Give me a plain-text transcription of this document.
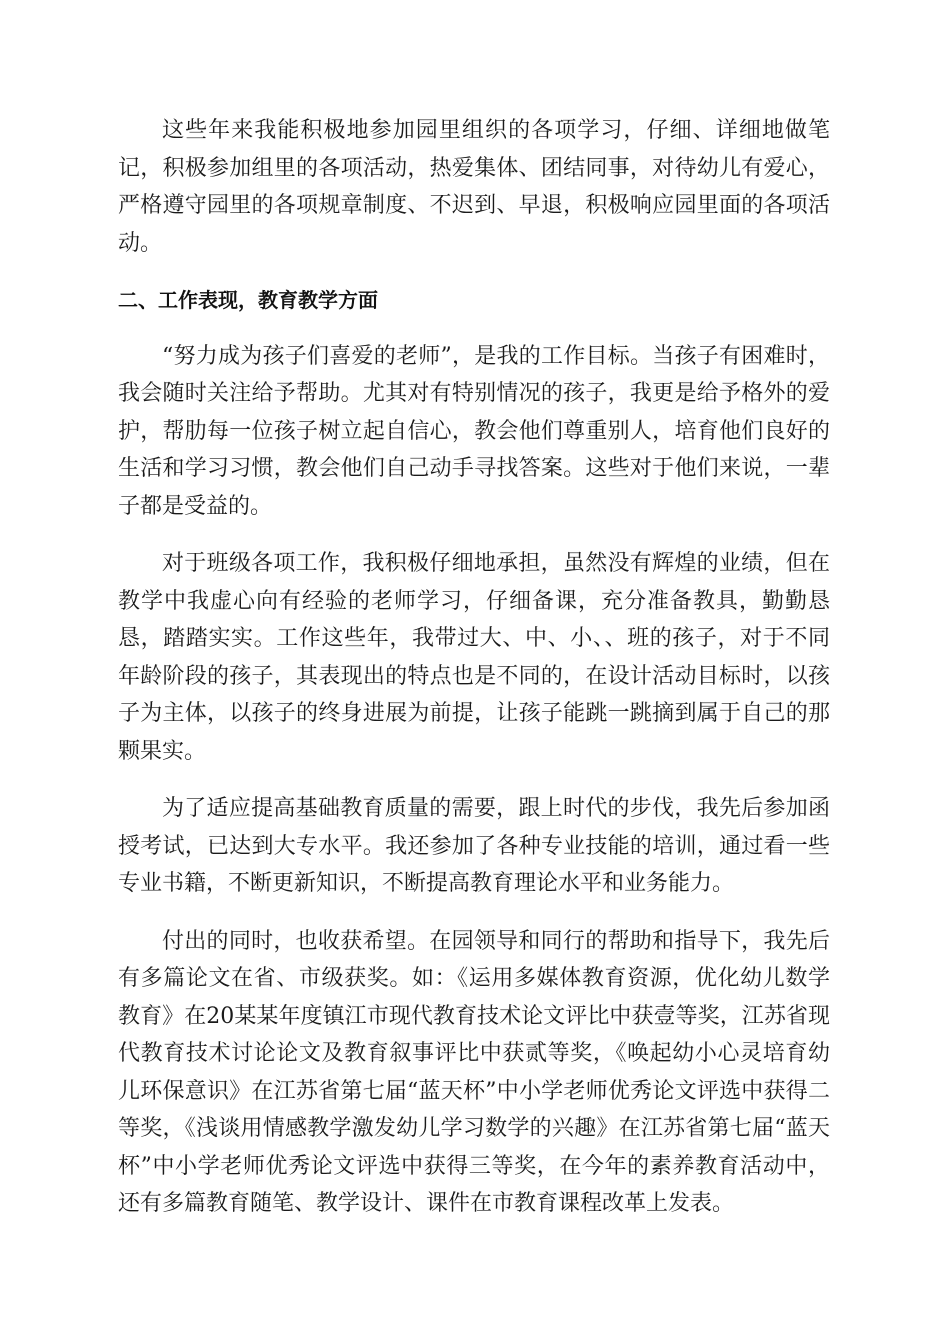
这些年来我能积极地参加园里组织的各项学习，仔细、详细地做笔记，积极参加组里的各项活动，热爱集体、团结同事，对待幼儿有爱心，严格遵守园里的各项规章制度、不迟到、早退，积极响应园里面的各项活动。

二、工作表现，教育教学方面

“努力成为孩子们喜爱的老师”，是我的工作目标。当孩子有困难时，我会随时关注给予帮助。尤其对有特别情况的孩子，我更是给予格外的爱护，帮肋每一位孩子树立起自信心，教会他们尊重别人，培育他们良好的生活和学习习惯，教会他们自己动手寻找答案。这些对于他们来说，一辈子都是受益的。

对于班级各项工作，我积极仔细地承担，虽然没有辉煌的业绩，但在教学中我虚心向有经验的老师学习，仔细备课，充分准备教具，勤勤恳恳，踏踏实实。工作这些年，我带过大、中、小、、班的孩子，对于不同年龄阶段的孩子，其表现出的特点也是不同的，在设计活动目标时，以孩子为主体，以孩子的终身进展为前提，让孩子能跳一跳摘到属于自己的那颗果实。

为了适应提高基础教育质量的需要，跟上时代的步伐，我先后参加函授考试，已达到大专水平。我还参加了各种专业技能的培训，通过看一些专业书籍，不断更新知识，不断提高教育理论水平和业务能力。

付出的同时，也收获希望。在园领导和同行的帮助和指导下，我先后有多篇论文在省、市级获奖。如：《运用多媒体教育资源，优化幼儿数学教育》在20某某年度镇江市现代教育技术论文评比中获壹等奖，江苏省现代教育技术讨论论文及教育叙事评比中获贰等奖，《唤起幼小心灵培育幼儿环保意识》在江苏省第七届“蓝天杯”中小学老师优秀论文评选中获得二等奖，《浅谈用情感教学激发幼儿学习数学的兴趣》在江苏省第七届“蓝天杯”中小学老师优秀论文评选中获得三等奖，在今年的素养教育活动中，还有多篇教育随笔、教学设计、课件在市教育课程改革上发表。
